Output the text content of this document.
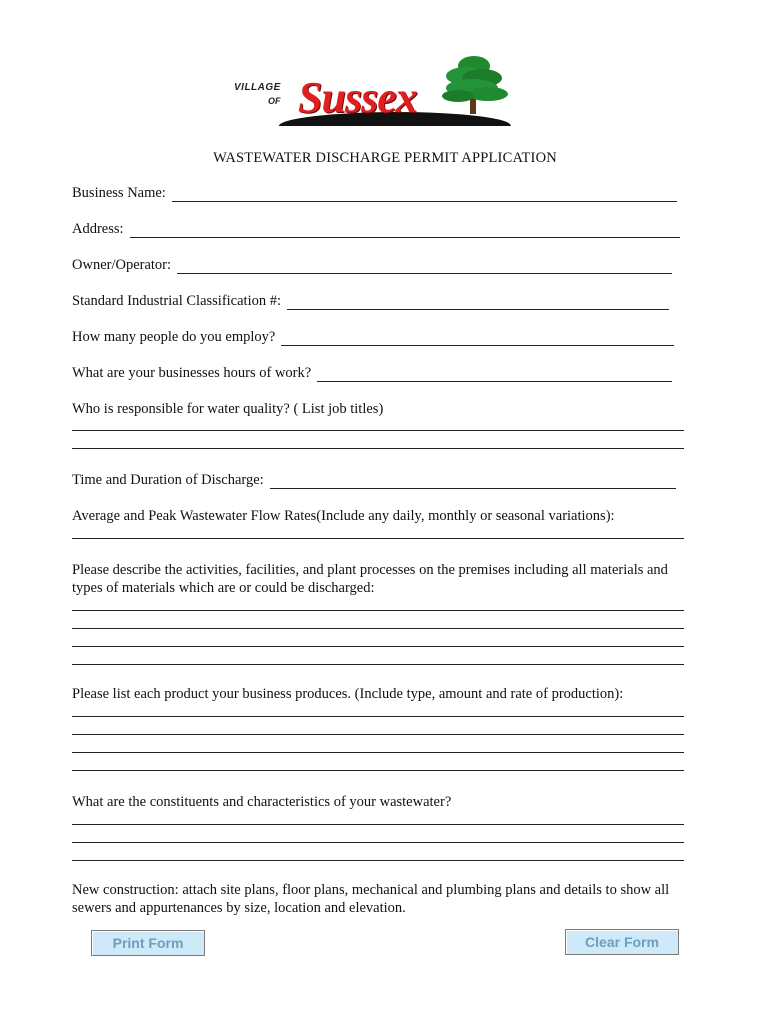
VILLAGE
OF Sussex
WASTEWATER DISCHARGE PERMIT APPLICATION
Business Name:
Address:
Owner/Operator:
Standard Industrial Classification #:
How many people do you employ?
What are your businesses hours of work?
Who is responsible for water quality? ( List job titles)
Time and Duration of Discharge:
Average and Peak Wastewater Flow Rates(Include any daily, monthly or seasonal variations):
Please describe the activities, facilities, and plant processes on the premises including all materials and types of materials which are or could be discharged:
Please list each product your business produces. (Include type, amount and rate of production):
What are the constituents and characteristics of your wastewater?
New construction: attach site plans, floor plans, mechanical and plumbing plans and details to show all sewers and appurtenances by size, location and elevation.
Print Form	Clear Form
